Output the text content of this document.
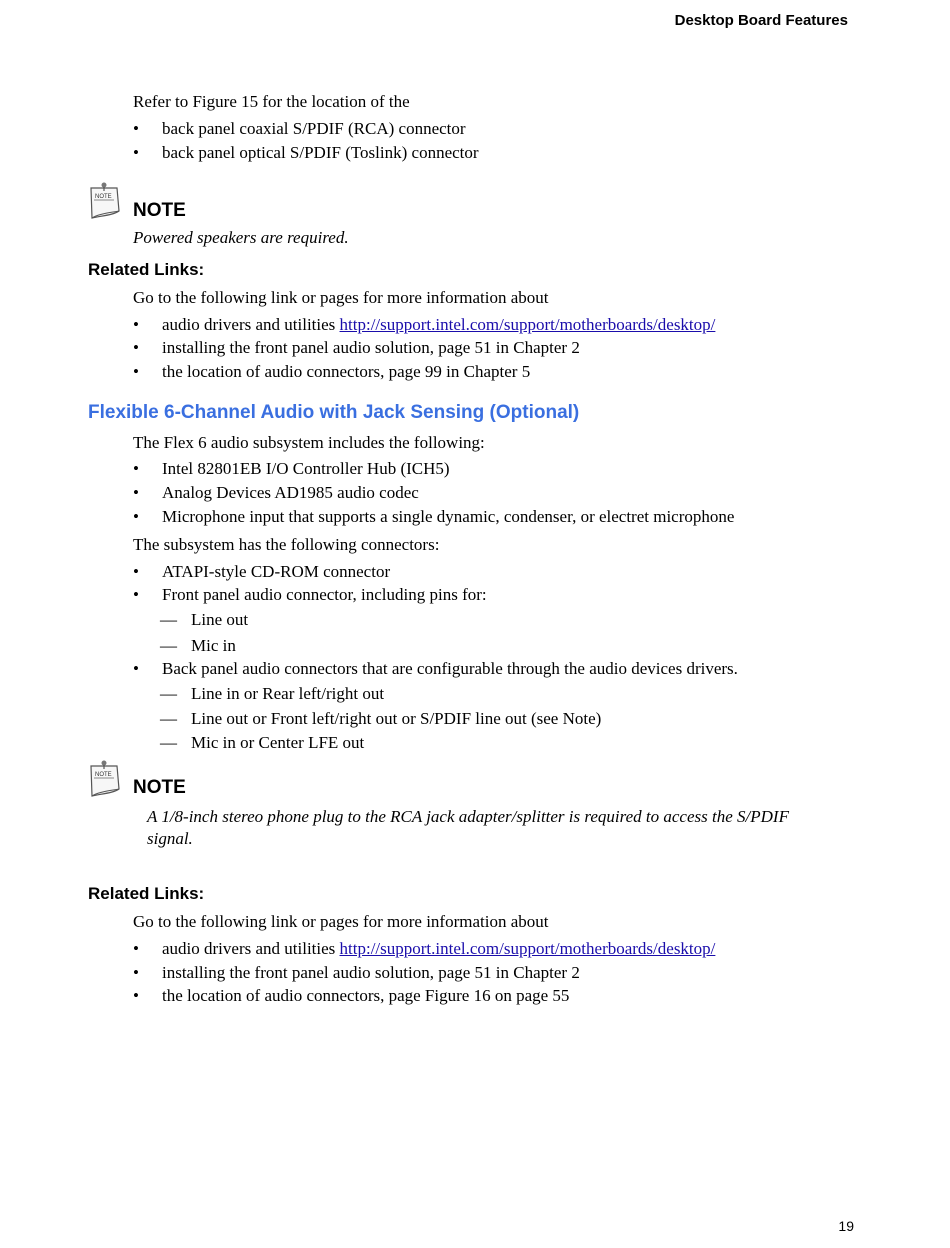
Desktop Board Features
Refer to Figure 15 for the location of the
• back panel coaxial S/PDIF (RCA) connector
• back panel optical S/PDIF (Toslink) connector
NOTE
NOTE
Powered speakers are required.
Related Links:
Go to the following link or pages for more information about
• audio drivers and utilities http://support.intel.com/support/motherboards/desktop/
• installing the front panel audio solution, page 51 in Chapter 2
• the location of audio connectors, page 99 in Chapter 5
Flexible 6-Channel Audio with Jack Sensing (Optional)
The Flex 6 audio subsystem includes the following:
• Intel 82801EB I/O Controller Hub (ICH5)
• Analog Devices AD1985 audio codec
• Microphone input that supports a single dynamic, condenser, or electret microphone
The subsystem has the following connectors:
• ATAPI-style CD-ROM connector
• Front panel audio connector, including pins for:
— Line out
— Mic in
• Back panel audio connectors that are configurable through the audio devices drivers.
— Line in or Rear left/right out
— Line out or Front left/right out or S/PDIF line out (see Note)
— Mic in or Center LFE out
NOTE
NOTE
A 1/8-inch stereo phone plug to the RCA jack adapter/splitter is required to access the S/PDIF
signal.
Related Links:
Go to the following link or pages for more information about
• audio drivers and utilities http://support.intel.com/support/motherboards/desktop/
• installing the front panel audio solution, page 51 in Chapter 2
• the location of audio connectors, page Figure 16 on page 55
19
